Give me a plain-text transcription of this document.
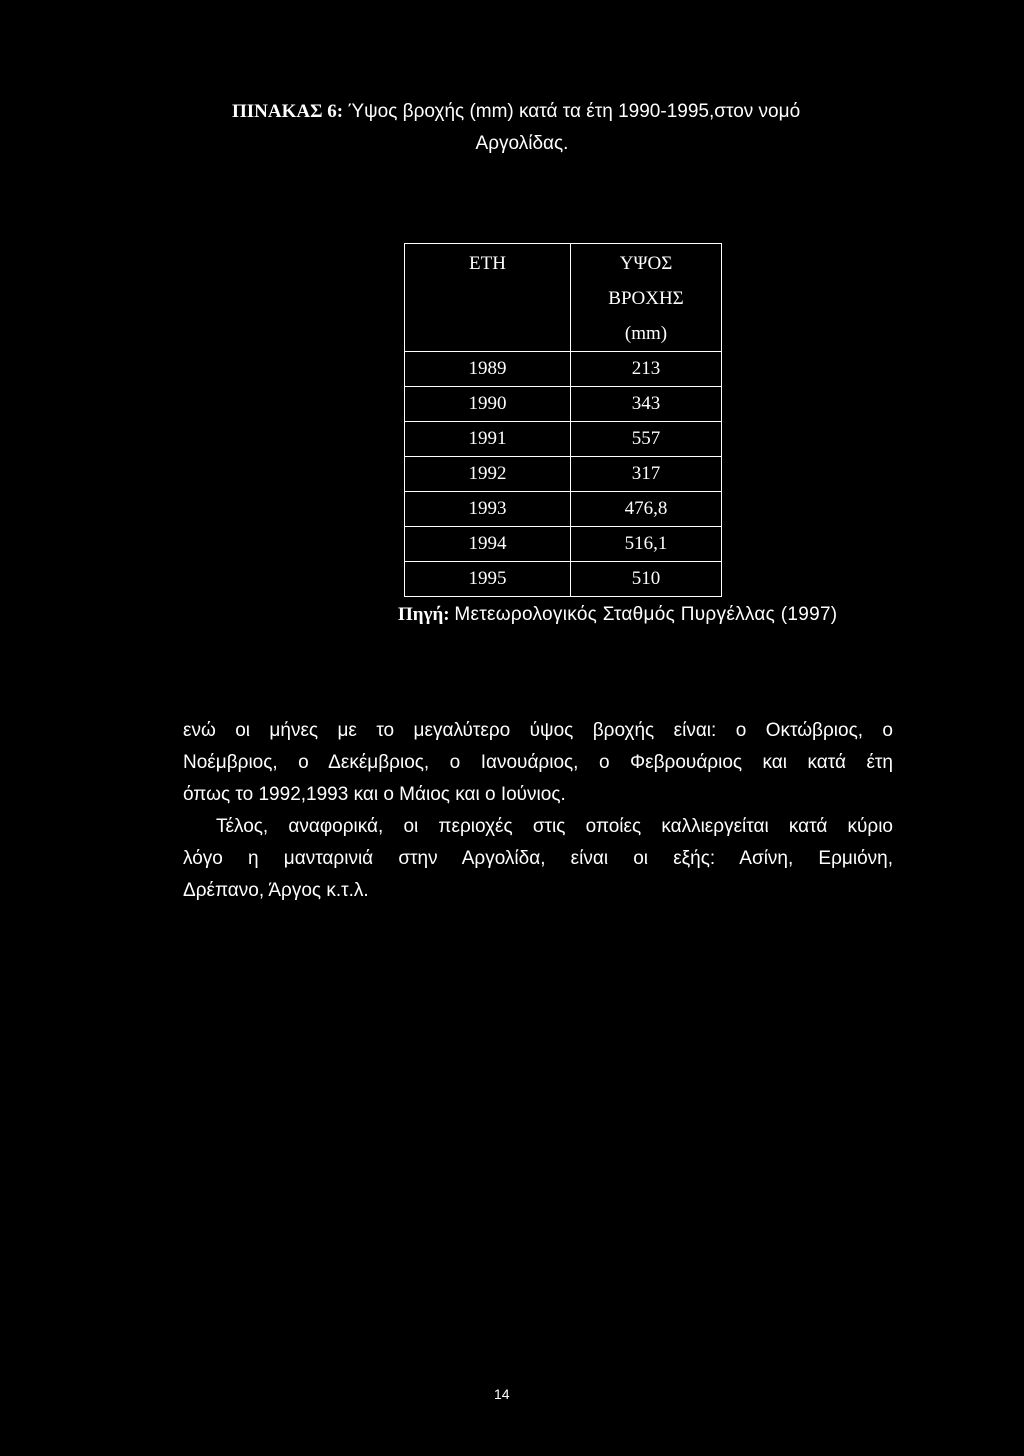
ΠΙΝΑΚΑΣ 6: Ύψος βροχής (mm) κατά τα έτη 1990-1995,στον νομό
Αργολίδας.
ΕΤΗ	ΥΨΟΣ
ΒΡΟΧΗΣ
(mm)

1989	213
1990	343
1991	557
1992	317
1993	476,8
1994	516,1
1995	510
Πηγή: Μετεωρολογικός Σταθμός Πυργέλλας (1997)
ενώ οι μήνες με το μεγαλύτερο ύψος βροχής είναι: ο Οκτώβριος, ο
Νοέμβριος, ο Δεκέμβριος, ο Ιανουάριος, ο Φεβρουάριος και κατά έτη
όπως το 1992,1993 και ο Μάιος και ο Ιούνιος.
Τέλος, αναφορικά, οι περιοχές στις οποίες καλλιεργείται κατά κύριο
λόγο η μανταρινιά στην Αργολίδα, είναι οι εξής: Ασίνη, Ερμιόνη,
Δρέπανο, Άργος κ.τ.λ.
14
